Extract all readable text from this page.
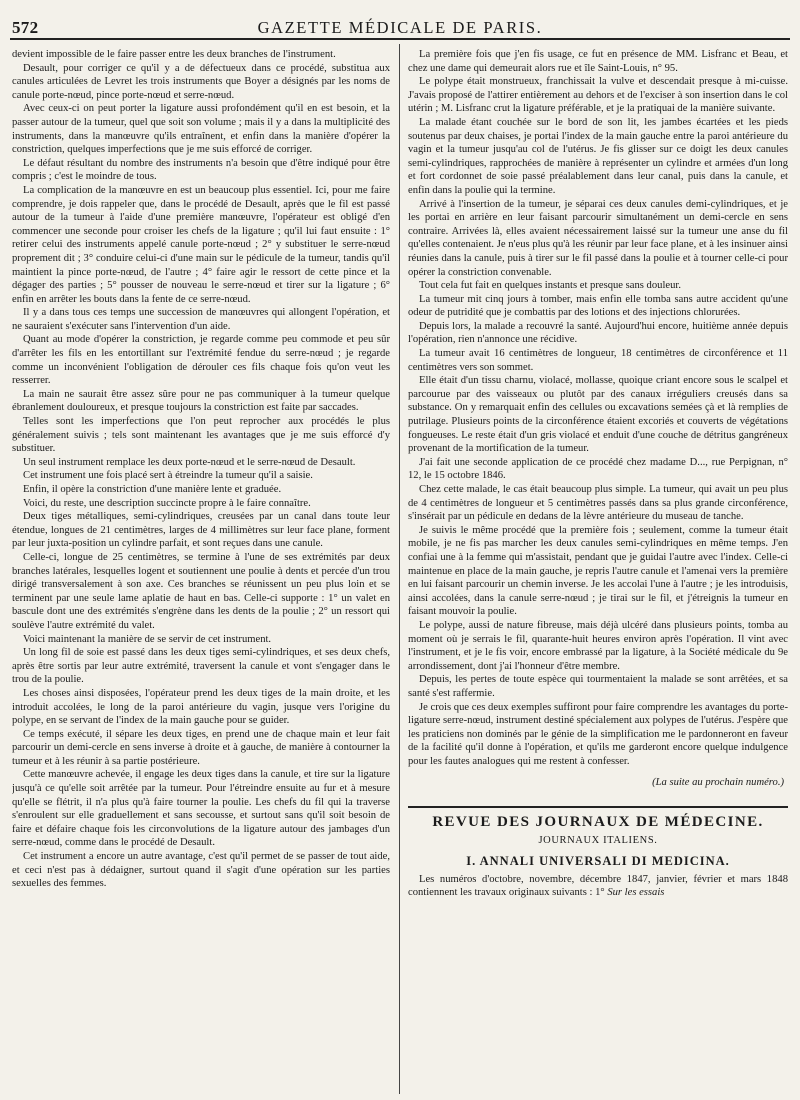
572	GAZETTE MÉDICALE DE PARIS.

devient impossible de le faire passer entre les deux branches de l'instrument.

Desault, pour corriger ce qu'il y a de défectueux dans ce procédé, substitua aux canules articulées de Levret les trois instruments que Boyer a désignés par les noms de canule porte-nœud, pince porte-nœud et serre-nœud.

Avec ceux-ci on peut porter la ligature aussi profondément qu'il en est besoin, et la passer autour de la tumeur, quel que soit son volume ; mais il y a dans la multiplicité des instruments, dans la manœuvre qu'ils entraînent, et enfin dans la manière d'opérer la constriction, quelques imperfections que je me suis efforcé de corriger.

Le défaut résultant du nombre des instruments n'a besoin que d'être indiqué pour être compris ; c'est le moindre de tous.

La complication de la manœuvre en est un beaucoup plus essentiel. Ici, pour me faire comprendre, je dois rappeler que, dans le procédé de Desault, après que le fil est passé autour de la tumeur à l'aide d'une première manœuvre, l'opérateur est obligé d'en commencer une seconde pour croiser les chefs de la ligature ; qu'il lui faut ensuite : 1° retirer celui des instruments appelé canule porte-nœud ; 2° y substituer le serre-nœud proprement dit ; 3° conduire celui-ci d'une main sur le pédicule de la tumeur, tandis qu'il maintient la pince porte-nœud, de l'autre ; 4° faire agir le ressort de cette pince et la dégager des parties ; 5° pousser de nouveau le serre-nœud et tirer sur la ligature ; 6° enfin en arrêter les bouts dans la fente de ce serre-nœud.

Il y a dans tous ces temps une succession de manœuvres qui allongent l'opération, et ne sauraient s'exécuter sans l'intervention d'un aide.

Quant au mode d'opérer la constriction, je regarde comme peu commode et peu sûr d'arrêter les fils en les entortillant sur l'extrémité fendue du serre-nœud ; je regarde comme un inconvénient l'obligation de dérouler ces fils chaque fois qu'on veut les resserrer.

La main ne saurait être assez sûre pour ne pas communiquer à la tumeur quelque ébranlement douloureux, et presque toujours la constriction est faite par saccades.

Telles sont les imperfections que l'on peut reprocher aux procédés le plus généralement suivis ; tels sont maintenant les avantages que je me suis efforcé d'y substituer.

Un seul instrument remplace les deux porte-nœud et le serre-nœud de Desault.

Cet instrument une fois placé sert à étreindre la tumeur qu'il a saisie.

Enfin, il opère la constriction d'une manière lente et graduée.

Voici, du reste, une description succincte propre à le faire connaître.

Deux tiges métalliques, semi-cylindriques, creusées par un canal dans toute leur étendue, longues de 21 centimètres, larges de 4 millimètres sur leur face plane, forment par leur juxta-position un cylindre parfait, et sont reçues dans une canule.

Celle-ci, longue de 25 centimètres, se termine à l'une de ses extrémités par deux branches latérales, lesquelles logent et soutiennent une poulie à dents et percée d'un trou dirigé transversalement à son axe. Ces branches se réunissent un peu plus loin et se terminent par une seule lame aplatie de haut en bas. Celle-ci supporte : 1° un valet en bascule dont une des extrémités s'engrène dans les dents de la poulie ; 2° un ressort qui soulève l'autre extrémité du valet.

Voici maintenant la manière de se servir de cet instrument.

Un long fil de soie est passé dans les deux tiges semi-cylindriques, et ses deux chefs, après être sortis par leur autre extrémité, traversent la canule et vont s'engager dans le trou de la poulie.

Les choses ainsi disposées, l'opérateur prend les deux tiges de la main droite, et les introduit accolées, le long de la paroi antérieure du vagin, jusque vers l'origine du polype, en se servant de l'index de la main gauche pour se guider.

Ce temps exécuté, il sépare les deux tiges, en prend une de chaque main et leur fait parcourir un demi-cercle en sens inverse à droite et à gauche, de manière à contourner la tumeur et à les réunir à sa partie postérieure.

Cette manœuvre achevée, il engage les deux tiges dans la canule, et tire sur la ligature jusqu'à ce qu'elle soit arrêtée par la tumeur. Pour l'étreindre ensuite au fur et à mesure qu'elle se flétrit, il n'a plus qu'à faire tourner la poulie. Les chefs du fil qui la traverse s'enroulent sur elle graduellement et sans secousse, et surtout sans qu'il soit besoin de faire et défaire chaque fois les circonvolutions de la ligature autour des jambages d'un serre-nœud, comme dans le procédé de Desault.

Cet instrument a encore un autre avantage, c'est qu'il permet de se passer de tout aide, et ceci n'est pas à dédaigner, surtout quand il s'agit d'une opération sur les parties sexuelles des femmes.

La première fois que j'en fis usage, ce fut en présence de MM. Lisfranc et Beau, et chez une dame qui demeurait alors rue et île Saint-Louis, n° 95.

Le polype était monstrueux, franchissait la vulve et descendait presque à mi-cuisse. J'avais proposé de l'attirer entièrement au dehors et de l'exciser à son insertion dans le col utérin ; M. Lisfranc crut la ligature préférable, et je la pratiquai de la manière suivante.

La malade étant couchée sur le bord de son lit, les jambes écartées et les pieds soutenus par deux chaises, je portai l'index de la main gauche entre la paroi antérieure du vagin et la tumeur jusqu'au col de l'utérus. Je fis glisser sur ce doigt les deux canules semi-cylindriques, rapprochées de manière à représenter un cylindre et armées d'un long et fort cordonnet de soie passé préalablement dans leur canal, puis dans la canule, et enfin dans la poulie qui la termine.

Arrivé à l'insertion de la tumeur, je séparai ces deux canules demi-cylindriques, et je les portai en arrière en leur faisant parcourir simultanément un demi-cercle en sens contraire. Arrivées là, elles avaient nécessairement laissé sur la tumeur une anse du fil qu'elles contenaient. Je n'eus plus qu'à les réunir par leur face plane, et à les insinuer ainsi réunies dans la canule, puis à tirer sur le fil passé dans la poulie et à tourner celle-ci pour opérer la constriction convenable.

Tout cela fut fait en quelques instants et presque sans douleur.

La tumeur mit cinq jours à tomber, mais enfin elle tomba sans autre accident qu'une odeur de putridité que je combattis par des lotions et des injections chlorurées.

Depuis lors, la malade a recouvré la santé. Aujourd'hui encore, huitième année depuis l'opération, rien n'annonce une récidive.

La tumeur avait 16 centimètres de longueur, 18 centimètres de circonférence et 11 centimètres vers son sommet.

Elle était d'un tissu charnu, violacé, mollasse, quoique criant encore sous le scalpel et parcourue par des vaisseaux ou plutôt par des canaux irréguliers creusés dans sa substance. On y remarquait enfin des cellules ou excavations semées çà et là remplies de putrilage. Plusieurs points de la circonférence étaient excoriés et couverts de végétations fongueuses. Le reste était d'un gris violacé et enduit d'une couche de détritus gangréneux provenant de la mortification de la tumeur.

J'ai fait une seconde application de ce procédé chez madame D..., rue Perpignan, n° 12, le 15 octobre 1846.

Chez cette malade, le cas était beaucoup plus simple. La tumeur, qui avait un peu plus de 4 centimètres de longueur et 5 centimètres passés dans sa plus grande circonférence, s'insérait par un pédicule en dedans de la lèvre antérieure du museau de tanche.

Je suivis le même procédé que la première fois ; seulement, comme la tumeur était mobile, je ne fis pas marcher les deux canules semi-cylindriques en même temps. J'en confiai une à la femme qui m'assistait, pendant que je guidai l'autre avec l'index. Celle-ci maintenue en place de la main gauche, je repris l'autre canule et l'amenai vers la première en lui faisant parcourir un chemin inverse. Je les accolai l'une à l'autre ; je les introduisis, ainsi accolées, dans la canule serre-nœud ; je tirai sur le fil, et j'étreignis la tumeur en faisant mouvoir la poulie.

Le polype, aussi de nature fibreuse, mais déjà ulcéré dans plusieurs points, tomba au moment où je serrais le fil, quarante-huit heures environ après l'opération. Il vint avec l'instrument, et je le fis voir, encore embrassé par la ligature, à la Société médicale du 9e arrondissement, dont j'ai l'honneur d'être membre.

Depuis, les pertes de toute espèce qui tourmentaient la malade se sont arrêtées, et sa santé s'est raffermie.

Je crois que ces deux exemples suffiront pour faire comprendre les avantages du porte-ligature serre-nœud, instrument destiné spécialement aux polypes de l'utérus. J'espère que les praticiens non dominés par le génie de la simplification me le pardonneront en faveur de la facilité qu'il donne à l'opération, et qu'ils me garderont encore quelque indulgence pour les fautes analogues qui me restent à confesser.

(La suite au prochain numéro.)

REVUE DES JOURNAUX DE MÉDECINE.
JOURNAUX ITALIENS.
I. ANNALI UNIVERSALI DI MEDICINA.

Les numéros d'octobre, novembre, décembre 1847, janvier, février et mars 1848 contiennent les travaux originaux suivants : 1° Sur les essais
